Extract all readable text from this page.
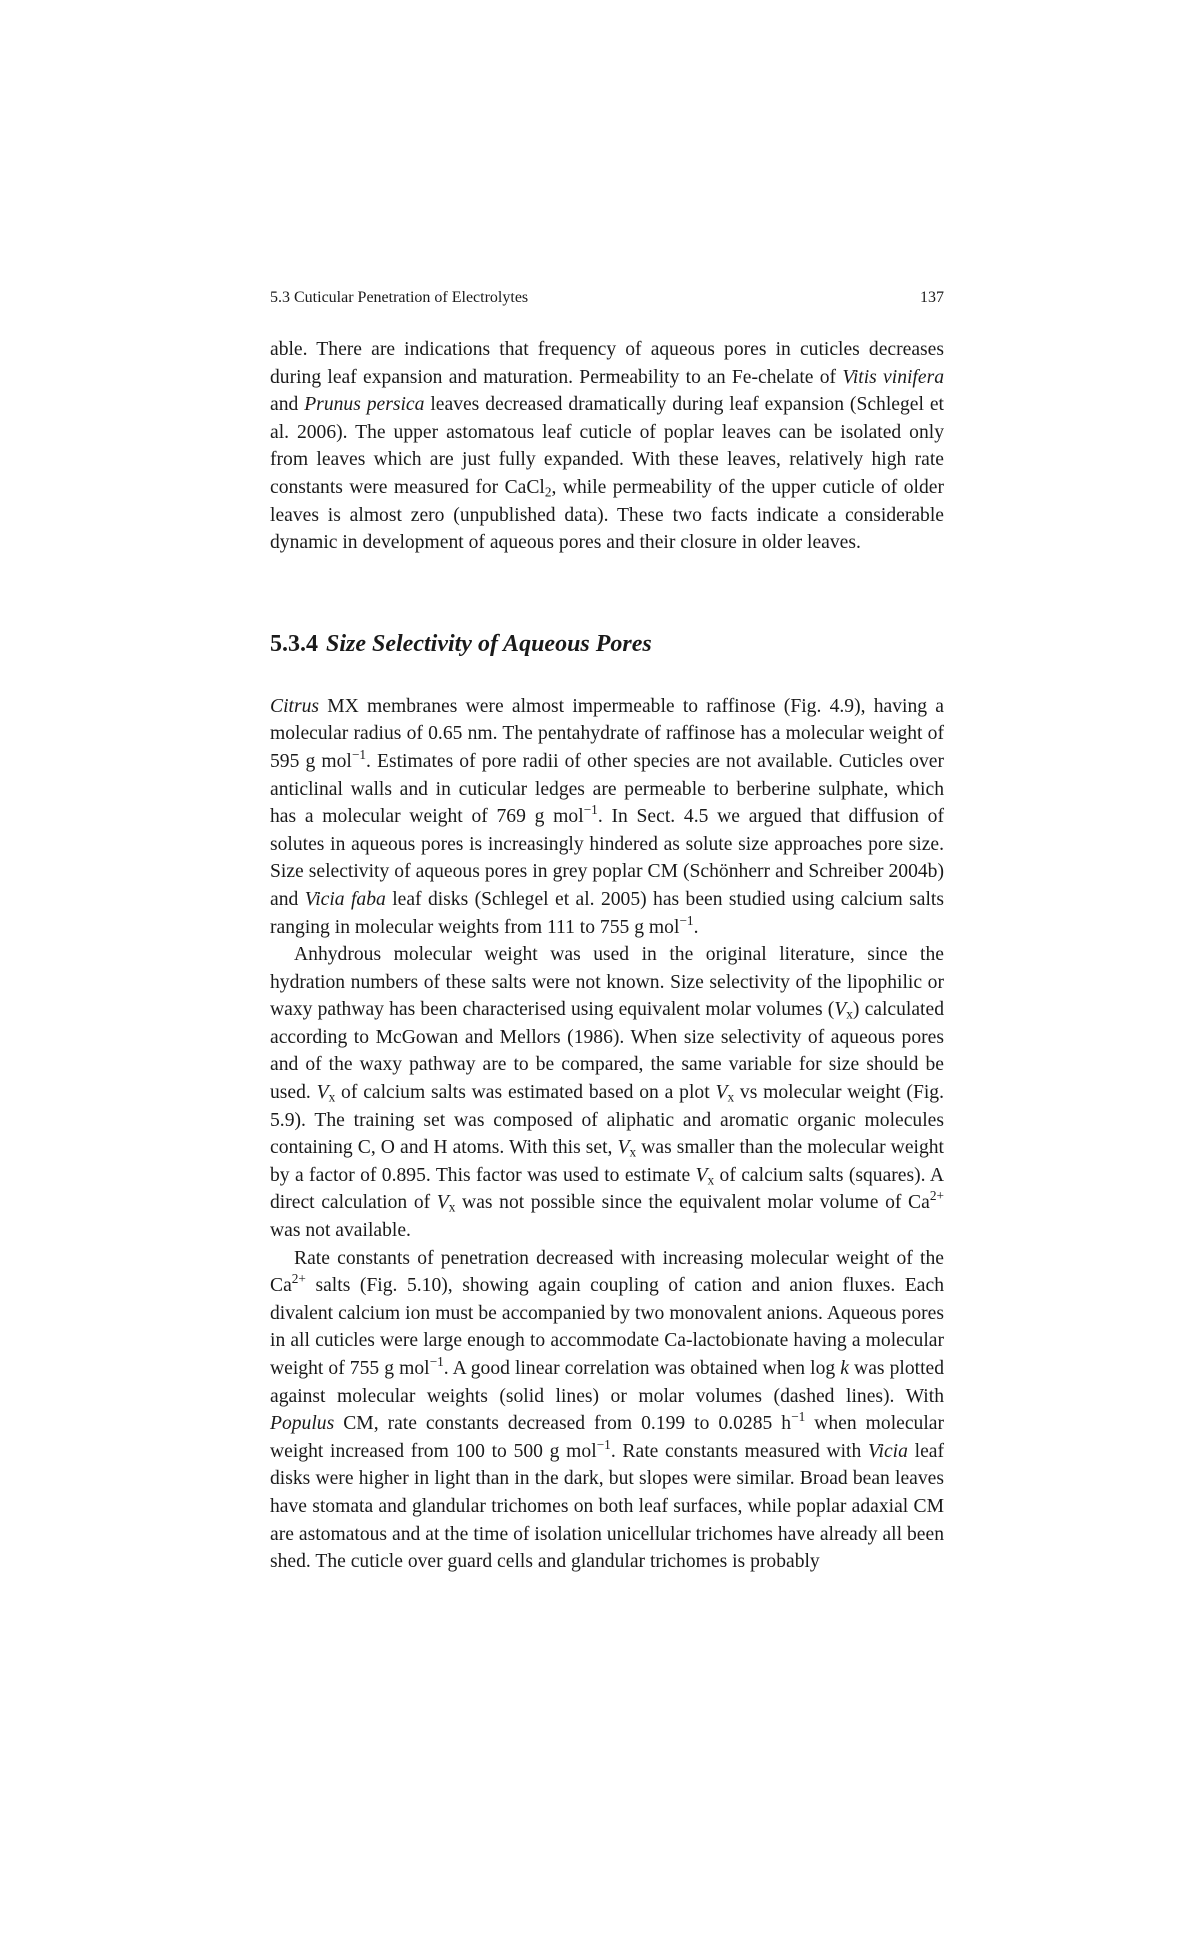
5.3 Cuticular Penetration of Electrolytes	137

able. There are indications that frequency of aqueous pores in cuticles decreases during leaf expansion and maturation. Permeability to an Fe-chelate of Vitis vinifera and Prunus persica leaves decreased dramatically during leaf expansion (Schlegel et al. 2006). The upper astomatous leaf cuticle of poplar leaves can be isolated only from leaves which are just fully expanded. With these leaves, relatively high rate constants were measured for CaCl$_2$, while permeability of the upper cuticle of older leaves is almost zero (unpublished data). These two facts indicate a considerable dynamic in development of aqueous pores and their closure in older leaves.

5.3.4 Size Selectivity of Aqueous Pores

Citrus MX membranes were almost impermeable to raffinose (Fig. 4.9), having a molecular radius of 0.65 nm. The pentahydrate of raffinose has a molecular weight of 595 g mol$^{-1}$. Estimates of pore radii of other species are not available. Cuticles over anticlinal walls and in cuticular ledges are permeable to berberine sulphate, which has a molecular weight of 769 g mol$^{-1}$. In Sect. 4.5 we argued that diffusion of solutes in aqueous pores is increasingly hindered as solute size approaches pore size. Size selectivity of aqueous pores in grey poplar CM (Schönherr and Schreiber 2004b) and Vicia faba leaf disks (Schlegel et al. 2005) has been studied using calcium salts ranging in molecular weights from 111 to 755 g mol$^{-1}$.

Anhydrous molecular weight was used in the original literature, since the hydration numbers of these salts were not known. Size selectivity of the lipophilic or waxy pathway has been characterised using equivalent molar volumes $(V_x)$ calculated according to McGowan and Mellors (1986). When size selectivity of aqueous pores and of the waxy pathway are to be compared, the same variable for size should be used. $V_x$ of calcium salts was estimated based on a plot $V_x$ vs molecular weight (Fig. 5.9). The training set was composed of aliphatic and aromatic organic molecules containing C, O and H atoms. With this set, $V_x$ was smaller than the molecular weight by a factor of 0.895. This factor was used to estimate $V_x$ of calcium salts (squares). A direct calculation of $V_x$ was not possible since the equivalent molar volume of $Ca^{2+}$ was not available.

Rate constants of penetration decreased with increasing molecular weight of the $Ca^{2+}$ salts (Fig. 5.10), showing again coupling of cation and anion fluxes. Each divalent calcium ion must be accompanied by two monovalent anions. Aqueous pores in all cuticles were large enough to accommodate Ca-lactobionate having a molecular weight of 755 g mol$^{-1}$. A good linear correlation was obtained when log k was plotted against molecular weights (solid lines) or molar volumes (dashed lines). With Populus CM, rate constants decreased from 0.199 to 0.0285 $h^{-1}$ when molecular weight increased from 100 to 500 g mol$^{-1}$. Rate constants measured with Vicia leaf disks were higher in light than in the dark, but slopes were similar. Broad bean leaves have stomata and glandular trichomes on both leaf surfaces, while poplar adaxial CM are astomatous and at the time of isolation unicellular trichomes have already all been shed. The cuticle over guard cells and glandular trichomes is probably
